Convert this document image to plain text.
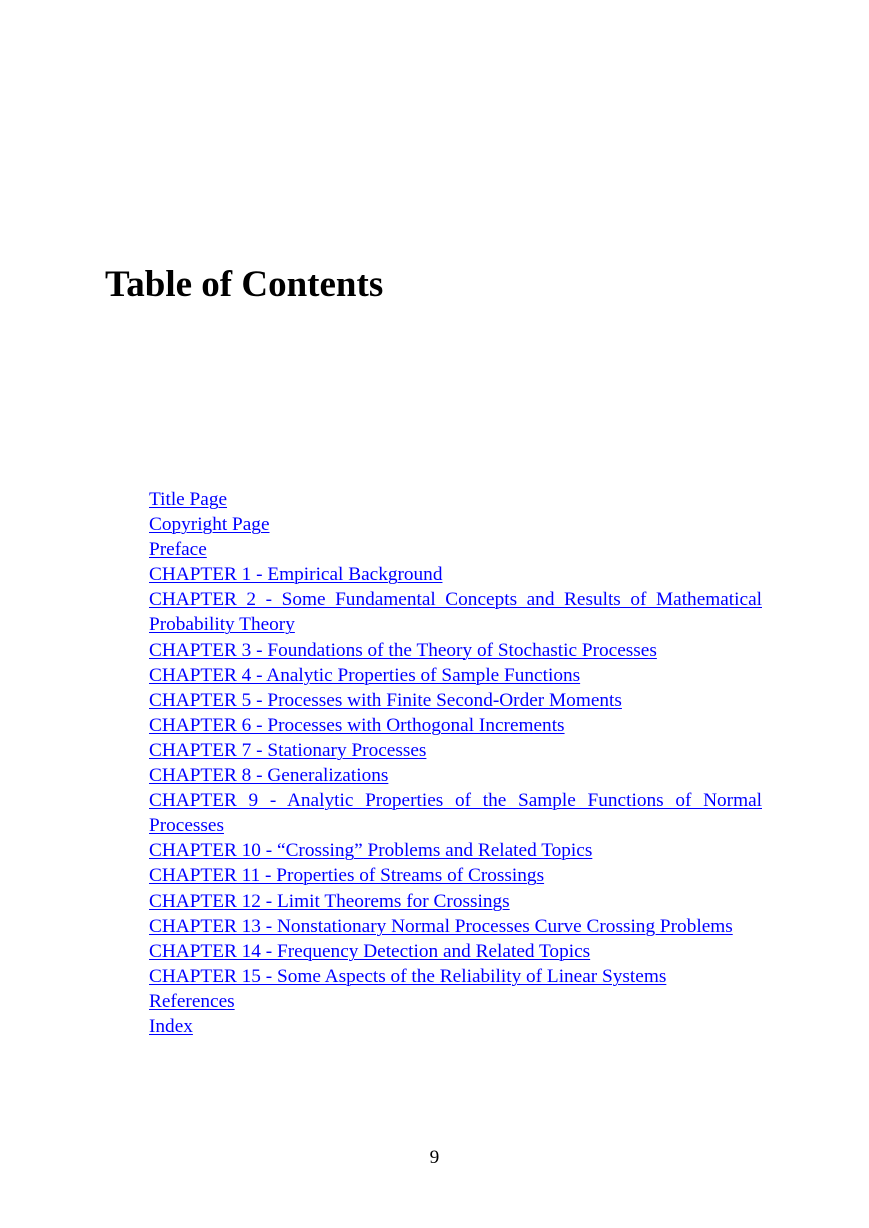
Table of Contents
Title Page
Copyright Page
Preface
CHAPTER 1 - Empirical Background
CHAPTER 2 - Some Fundamental Concepts and Results of Mathematical Probability Theory
CHAPTER 3 - Foundations of the Theory of Stochastic Processes
CHAPTER 4 - Analytic Properties of Sample Functions
CHAPTER 5 - Processes with Finite Second-Order Moments
CHAPTER 6 - Processes with Orthogonal Increments
CHAPTER 7 - Stationary Processes
CHAPTER 8 - Generalizations
CHAPTER 9 - Analytic Properties of the Sample Functions of Normal Processes
CHAPTER 10 - “Crossing” Problems and Related Topics
CHAPTER 11 - Properties of Streams of Crossings
CHAPTER 12 - Limit Theorems for Crossings
CHAPTER 13 - Nonstationary Normal Processes Curve Crossing Problems
CHAPTER 14 - Frequency Detection and Related Topics
CHAPTER 15 - Some Aspects of the Reliability of Linear Systems
References
Index
9
